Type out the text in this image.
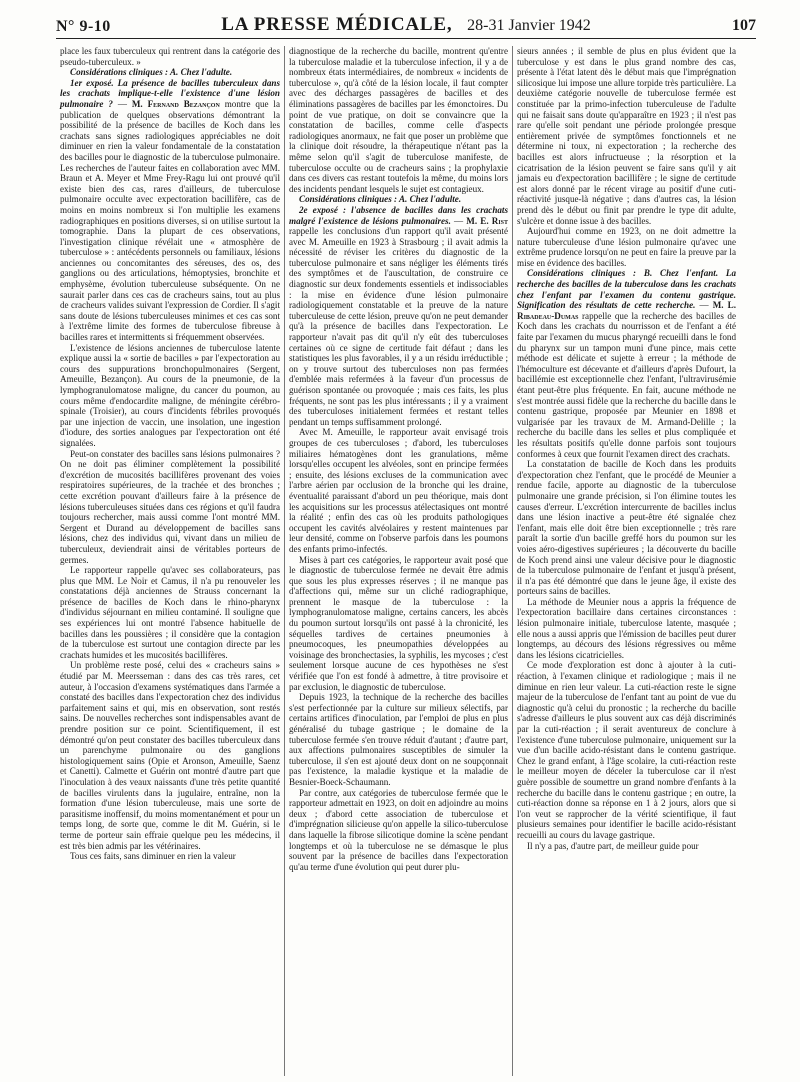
N° 9-10	LA PRESSE MÉDICALE, 28-31 Janvier 1942	107

place les faux tuberculeux qui rentrent dans la catégorie des pseudo-tuberculeux. »

Considérations cliniques : A. Chez l'adulte.

1er exposé. La présence de bacilles tuberculeux dans les crachats implique-t-elle l'existence d'une lésion pulmonaire ? — M. Fernand Bezançon montre que la publication de quelques observations démontrant la possibilité de la présence de bacilles de Koch dans les crachats sans signes radiologiques appréciables ne doit diminuer en rien la valeur fondamentale de la constatation des bacilles pour le diagnostic de la tuberculose pulmonaire. Les recherches de l'auteur faites en collaboration avec MM. Braun et A. Meyer et Mme Frey-Ragu lui ont prouvé qu'il existe bien des cas, rares d'ailleurs, de tuberculose pulmonaire occulte avec expectoration bacillifère, cas de moins en moins nombreux si l'on multiplie les examens radiographiques en positions diverses, si on utilise surtout la tomographie. Dans la plupart de ces observations, l'investigation clinique révélait une « atmosphère de tuberculose » : antécédents personnels ou familiaux, lésions anciennes ou concomitantes des séreuses, des os, des ganglions ou des articulations, hémoptysies, bronchite et emphysème, évolution tuberculeuse subséquente. On ne saurait parler dans ces cas de cracheurs sains, tout au plus de cracheurs valides suivant l'expression de Cordier. Il s'agit sans doute de lésions tuberculeuses minimes et ces cas sont à l'extrême limite des formes de tuberculose fibreuse à bacilles rares et intermittents si fréquemment observées.

L'existence de lésions anciennes de tuberculose latente explique aussi la « sortie de bacilles » par l'expectoration au cours des suppurations bronchopulmonaires (Sergent, Ameuille, Bezançon). Au cours de la pneumonie, de la lymphogranulomatose maligne, du cancer du poumon, au cours même d'endocardite maligne, de méningite cérébro-spinale (Troisier), au cours d'incidents fébriles provoqués par une injection de vaccin, une insolation, une ingestion d'iodure, des sorties analogues par l'expectoration ont été signalées.

Peut-on constater des bacilles sans lésions pulmonaires ? On ne doit pas éliminer complètement la possibilité d'excrétion de mucosités bacillifères provenant des voies respiratoires supérieures, de la trachée et des bronches ; cette excrétion pouvant d'ailleurs faire à la présence de lésions tuberculeuses situées dans ces régions et qu'il faudra toujours rechercher, mais aussi comme l'ont montré MM. Sergent et Durand au développement de bacilles sans lésions, chez des individus qui, vivant dans un milieu de tuberculeux, deviendrait ainsi de véritables porteurs de germes.

Le rapporteur rappelle qu'avec ses collaborateurs, pas plus que MM. Le Noir et Camus, il n'a pu renouveler les constatations déjà anciennes de Strauss concernant la présence de bacilles de Koch dans le rhino-pharynx d'individus séjournant en milieu contaminé. Il souligne que ses expériences lui ont montré l'absence habituelle de bacilles dans les poussières ; il considère que la contagion de la tuberculose est surtout une contagion directe par les crachats humides et les mucosités bacillifères.

Un problème reste posé, celui des « cracheurs sains » étudié par M. Meersseman : dans des cas très rares, cet auteur, à l'occasion d'examens systématiques dans l'armée a constaté des bacilles dans l'expectoration chez des individus parfaitement sains et qui, mis en observation, sont restés sains. De nouvelles recherches sont indispensables avant de prendre position sur ce point. Scientifiquement, il est démontré qu'on peut constater des bacilles tuberculeux dans un parenchyme pulmonaire ou des ganglions histologiquement sains (Opie et Aronson, Ameuille, Saenz et Canetti). Calmette et Guérin ont montré d'autre part que l'inoculation à des veaux naissants d'une très petite quantité de bacilles virulents dans la jugulaire, entraîne, non la formation d'une lésion tuberculeuse, mais une sorte de parasitisme inoffensif, du moins momentanément et pour un temps long, de sorte que, comme le dit M. Guérin, si le terme de porteur sain effraie quelque peu les médecins, il est très bien admis par les vétérinaires.

Tous ces faits, sans diminuer en rien la valeur

diagnostique de la recherche du bacille, montrent qu'entre la tuberculose maladie et la tuberculose infection, il y a de nombreux états intermédiaires, de nombreux « incidents de tuberculose », qu'à côté de la lésion locale, il faut compter avec des décharges passagères de bacilles et des éliminations passagères de bacilles par les émonctoires. Du point de vue pratique, on doit se convaincre que la constatation de bacilles, comme celle d'aspects radiologiques anormaux, ne fait que poser un problème que la clinique doit résoudre, la thérapeutique n'étant pas la même selon qu'il s'agit de tuberculose manifeste, de tuberculose occulte ou de cracheurs sains ; la prophylaxie dans ces divers cas restant toutefois la même, du moins lors des incidents pendant lesquels le sujet est contagieux.

Considérations cliniques : A. Chez l'adulte.

2e exposé : l'absence de bacilles dans les crachats malgré l'existence de lésions pulmonaires. — M. E. Rist rappelle les conclusions d'un rapport qu'il avait présenté avec M. Ameuille en 1923 à Strasbourg ; il avait admis la nécessité de réviser les critères du diagnostic de la tuberculose pulmonaire et sans négliger les éléments tirés des symptômes et de l'auscultation, de construire ce diagnostic sur deux fondements essentiels et indissociables : la mise en évidence d'une lésion pulmonaire radiologiquement constatable et la preuve de la nature tuberculeuse de cette lésion, preuve qu'on ne peut demander qu'à la présence de bacilles dans l'expectoration. Le rapporteur n'avait pas dit qu'il n'y eût des tuberculoses certaines où ce signe de certitude fait défaut ; dans les statistiques les plus favorables, il y a un résidu irréductible ; on y trouve surtout des tuberculoses non pas fermées d'emblée mais refermées à la faveur d'un processus de guérison spontanée ou provoquée ; mais ces faits, les plus fréquents, ne sont pas les plus intéressants ; il y a vraiment des tuberculoses initialement fermées et restant telles pendant un temps suffisamment prolongé.

Avec M. Ameuille, le rapporteur avait envisagé trois groupes de ces tuberculoses ; d'abord, les tuberculoses miliaires hématogènes dont les granulations, même lorsqu'elles occupent les alvéoles, sont en principe fermées ; ensuite, des lésions excluses de la communication avec l'arbre aérien par occlusion de la bronche qui les draine, éventualité paraissant d'abord un peu théorique, mais dont les acquisitions sur les processus atélectasiques ont montré la réalité ; enfin des cas où les produits pathologiques occupent les cavités alvéolaires y restent maintenues par leur densité, comme on l'observe parfois dans les poumons des enfants primo-infectés.

Mises à part ces catégories, le rapporteur avait posé que le diagnostic de tuberculose fermée ne devait être admis que sous les plus expresses réserves ; il ne manque pas d'affections qui, même sur un cliché radiographique, prennent le masque de la tuberculose : la lymphogranulomatose maligne, certains cancers, les abcès du poumon surtout lorsqu'ils ont passé à la chronicité, les séquelles tardives de certaines pneumonies à pneumocoques, les pneumopathies développées au voisinage des bronchectasies, la syphilis, les mycoses ; c'est seulement lorsque aucune de ces hypothèses ne s'est vérifiée que l'on est fondé à admettre, à titre provisoire et par exclusion, le diagnostic de tuberculose.

Depuis 1923, la technique de la recherche des bacilles s'est perfectionnée par la culture sur milieux sélectifs, par certains artifices d'inoculation, par l'emploi de plus en plus généralisé du tubage gastrique ; le domaine de la tuberculose fermée s'en trouve réduit d'autant ; d'autre part, aux affections pulmonaires susceptibles de simuler la tuberculose, il s'en est ajouté deux dont on ne soupçonnait pas l'existence, la maladie kystique et la maladie de Besnier-Boeck-Schaumann.

Par contre, aux catégories de tuberculose fermée que le rapporteur admettait en 1923, on doit en adjoindre au moins deux ; d'abord cette association de tuberculose et d'imprégnation silicieuse qu'on appelle la silico-tuberculose dans laquelle la fibrose silicotique domine la scène pendant longtemps et où la tuberculose ne se démasque le plus souvent par la présence de bacilles dans l'expectoration qu'au terme d'une évolution qui peut durer plu-

sieurs années ; il semble de plus en plus évident que la tuberculose y est dans le plus grand nombre des cas, présente à l'état latent dès le début mais que l'imprégnation silicosique lui impose une allure torpide très particulière. La deuxième catégorie nouvelle de tuberculose fermée est constituée par la primo-infection tuberculeuse de l'adulte qui ne faisait sans doute qu'apparaître en 1923 ; il n'est pas rare qu'elle soit pendant une période prolongée presque entièrement privée de symptômes fonctionnels et ne détermine ni toux, ni expectoration ; la recherche des bacilles est alors infructueuse ; la résorption et la cicatrisation de la lésion peuvent se faire sans qu'il y ait jamais eu d'expectoration bacillifère ; le signe de certitude est alors donné par le récent virage au positif d'une cuti-réactivité jusque-là négative ; dans d'autres cas, la lésion prend dès le début ou finit par prendre le type dit adulte, s'ulcère et donne issue à des bacilles.

Aujourd'hui comme en 1923, on ne doit admettre la nature tuberculeuse d'une lésion pulmonaire qu'avec une extrême prudence lorsqu'on ne peut en faire la preuve par la mise en évidence des bacilles.

Considérations cliniques : B. Chez l'enfant. La recherche des bacilles de la tuberculose dans les crachats chez l'enfant par l'examen du contenu gastrique. Signification des résultats de cette recherche. — M. L. Ribadeau-Dumas rappelle que la recherche des bacilles de Koch dans les crachats du nourrisson et de l'enfant a été faite par l'examen du mucus pharyngé recueilli dans le fond du pharynx sur un tampon muni d'une pince, mais cette méthode est délicate et sujette à erreur ; la méthode de l'hémoculture est décevante et d'ailleurs d'après Dufourt, la bacillémie est exceptionnelle chez l'enfant, l'ultravirusémie étant peut-être plus fréquente. En fait, aucune méthode ne s'est montrée aussi fidèle que la recherche du bacille dans le contenu gastrique, proposée par Meunier en 1898 et vulgarisée par les travaux de M. Armand-Delille ; la recherche du bacille dans les selles et plus compliquée et les résultats positifs qu'elle donne parfois sont toujours conformes à ceux que fournit l'examen direct des crachats.

La constatation de bacille de Koch dans les produits d'expectoration chez l'enfant, que le procédé de Meunier a rendue facile, apporte au diagnostic de la tuberculose pulmonaire une grande précision, si l'on élimine toutes les causes d'erreur. L'excrétion intercurrente de bacilles inclus dans une lésion inactive a peut-être été signalée chez l'enfant, mais elle doit être bien exceptionnelle ; très rare paraît la sortie d'un bacille greffé hors du poumon sur les voies aéro-digestives supérieures ; la découverte du bacille de Koch prend ainsi une valeur décisive pour le diagnostic de la tuberculose pulmonaire de l'enfant et jusqu'à présent, il n'a pas été démontré que dans le jeune âge, il existe des porteurs sains de bacilles.

La méthode de Meunier nous a appris la fréquence de l'expectoration bacillaire dans certaines circonstances : lésion pulmonaire initiale, tuberculose latente, masquée ; elle nous a aussi appris que l'émission de bacilles peut durer longtemps, au décours des lésions régressives ou même dans les lésions cicatricielles.

Ce mode d'exploration est donc à ajouter à la cuti-réaction, à l'examen clinique et radiologique ; mais il ne diminue en rien leur valeur. La cuti-réaction reste le signe majeur de la tuberculose de l'enfant tant au point de vue du diagnostic qu'à celui du pronostic ; la recherche du bacille s'adresse d'ailleurs le plus souvent aux cas déjà discriminés par la cuti-réaction ; il serait aventureux de conclure à l'existence d'une tuberculose pulmonaire, uniquement sur la vue d'un bacille acido-résistant dans le contenu gastrique. Chez le grand enfant, à l'âge scolaire, la cuti-réaction reste le meilleur moyen de déceler la tuberculose car il n'est guère possible de soumettre un grand nombre d'enfants à la recherche du bacille dans le contenu gastrique ; en outre, la cuti-réaction donne sa réponse en 1 à 2 jours, alors que si l'on veut se rapprocher de la vérité scientifique, il faut plusieurs semaines pour identifier le bacille acido-résistant recueilli au cours du lavage gastrique.

Il n'y a pas, d'autre part, de meilleur guide pour
